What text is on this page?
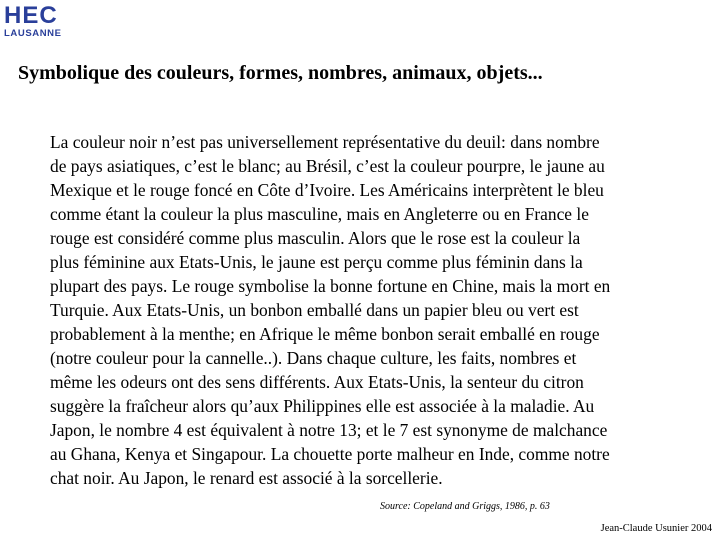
HEC
LAUSANNE
Symbolique des couleurs, formes, nombres, animaux, objets...

La couleur noir n’est pas universellement représentative du deuil: dans nombre
de pays asiatiques, c’est le blanc; au Brésil, c’est la couleur pourpre, le jaune au
Mexique et le rouge foncé en Côte d’Ivoire. Les Américains interprètent le bleu
comme étant la couleur la plus masculine, mais en Angleterre ou en France le
rouge est considéré comme plus masculin. Alors que le rose est la couleur la
plus féminine aux Etats-Unis, le jaune est perçu comme plus féminin dans la
plupart des pays. Le rouge symbolise la bonne fortune en Chine, mais la mort en
Turquie. Aux Etats-Unis, un bonbon emballé dans un papier bleu ou vert est
probablement à la menthe; en Afrique le même bonbon serait emballé en rouge
(notre couleur pour la cannelle..). Dans chaque culture, les faits, nombres et
même les odeurs ont des sens différents. Aux Etats-Unis, la senteur du citron
suggère la fraîcheur alors qu’aux Philippines elle est associée à la maladie. Au
Japon, le nombre 4 est équivalent à notre 13; et le 7 est synonyme de malchance
au Ghana, Kenya et Singapour. La chouette porte malheur en Inde, comme notre
chat noir. Au Japon, le renard est associé à la sorcellerie.

Source: Copeland and Griggs, 1986, p. 63
Jean-Claude Usunier 2004
